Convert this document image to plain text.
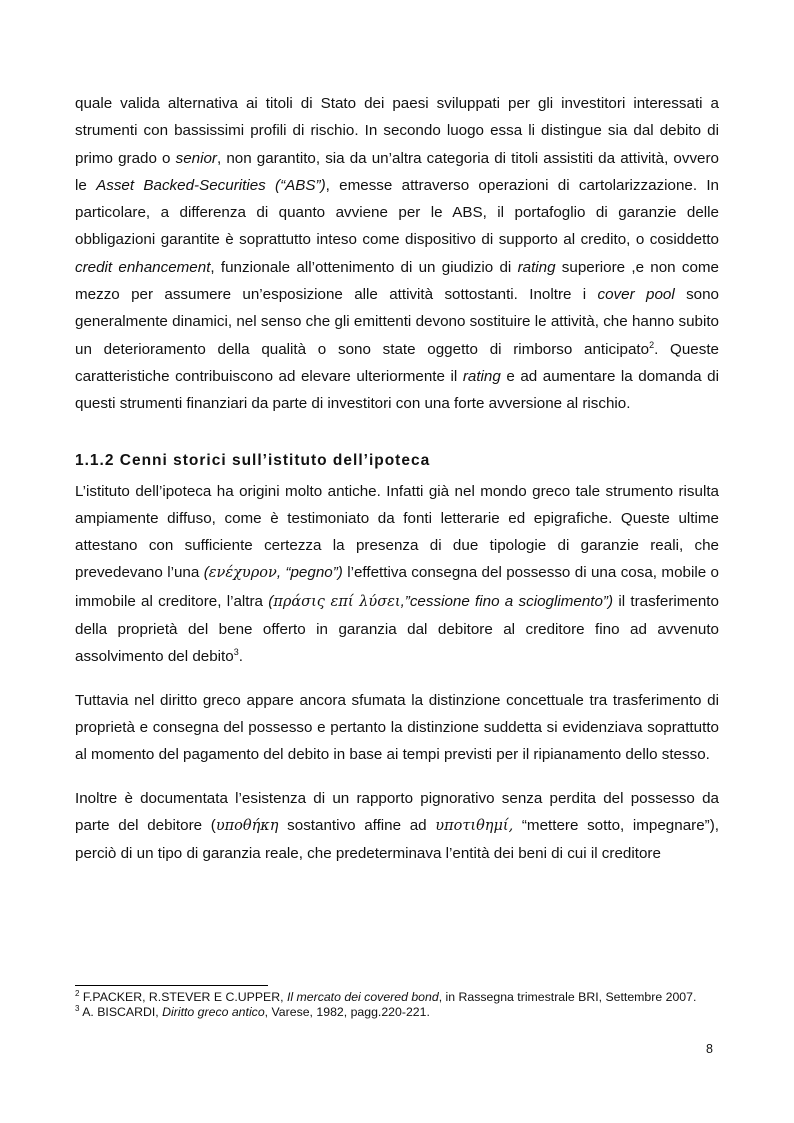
quale valida alternativa ai titoli di Stato dei paesi sviluppati per gli investitori interessati a strumenti con bassissimi profili di rischio. In secondo luogo essa li distingue sia dal debito di primo grado o senior, non garantito, sia da un’altra categoria di titoli assistiti da attività, ovvero le Asset Backed-Securities (“ABS”), emesse attraverso operazioni di cartolarizzazione. In particolare, a differenza di quanto avviene per le ABS, il portafoglio di garanzie delle obbligazioni garantite è soprattutto inteso come dispositivo di supporto al credito, o cosiddetto credit enhancement, funzionale all’ottenimento di un giudizio di rating superiore ,e non come mezzo per assumere un’esposizione alle attività sottostanti. Inoltre i cover pool sono generalmente dinamici, nel senso che gli emittenti devono sostituire le attività, che hanno subito un deterioramento della qualità o sono state oggetto di rimborso anticipato$^2$. Queste caratteristiche contribuiscono ad elevare ulteriormente il rating e ad aumentare la domanda di questi strumenti finanziari da parte di investitori con una forte avversione al rischio.

1.1.2 Cenni storici sull’istituto dell’ipoteca

L’istituto dell’ipoteca ha origini molto antiche. Infatti già nel mondo greco tale strumento risulta ampiamente diffuso, come è testimoniato da fonti letterarie ed epigrafiche. Queste ultime attestano con sufficiente certezza la presenza di due tipologie di garanzie reali, che prevedevano l’una (ενέχυρον, “pegno”) l’effettiva consegna del possesso di una cosa, mobile o immobile al creditore, l’altra (πράσις επί λύσει,”cessione fino a scioglimento”) il trasferimento della proprietà del bene offerto in garanzia dal debitore al creditore fino ad avvenuto assolvimento del debito$^3$.

Tuttavia nel diritto greco appare ancora sfumata la distinzione concettuale tra trasferimento di proprietà e consegna del possesso e pertanto la distinzione suddetta si evidenziava soprattutto al momento del pagamento del debito in base ai tempi previsti per il ripianamento dello stesso.

Inoltre è documentata l’esistenza di un rapporto pignorativo senza perdita del possesso da parte del debitore (υποθήκη sostantivo affine ad υποτιθημί, “mettere sotto, impegnare”), perciò di un tipo di garanzia reale, che predeterminava l’entità dei beni di cui il creditore

$^2$ F.PACKER, R.STEVER E C.UPPER, Il mercato dei covered bond, in Rassegna trimestrale BRI, Settembre 2007.

$^3$ A. BISCARDI, Diritto greco antico, Varese, 1982, pagg.220-221.

8
